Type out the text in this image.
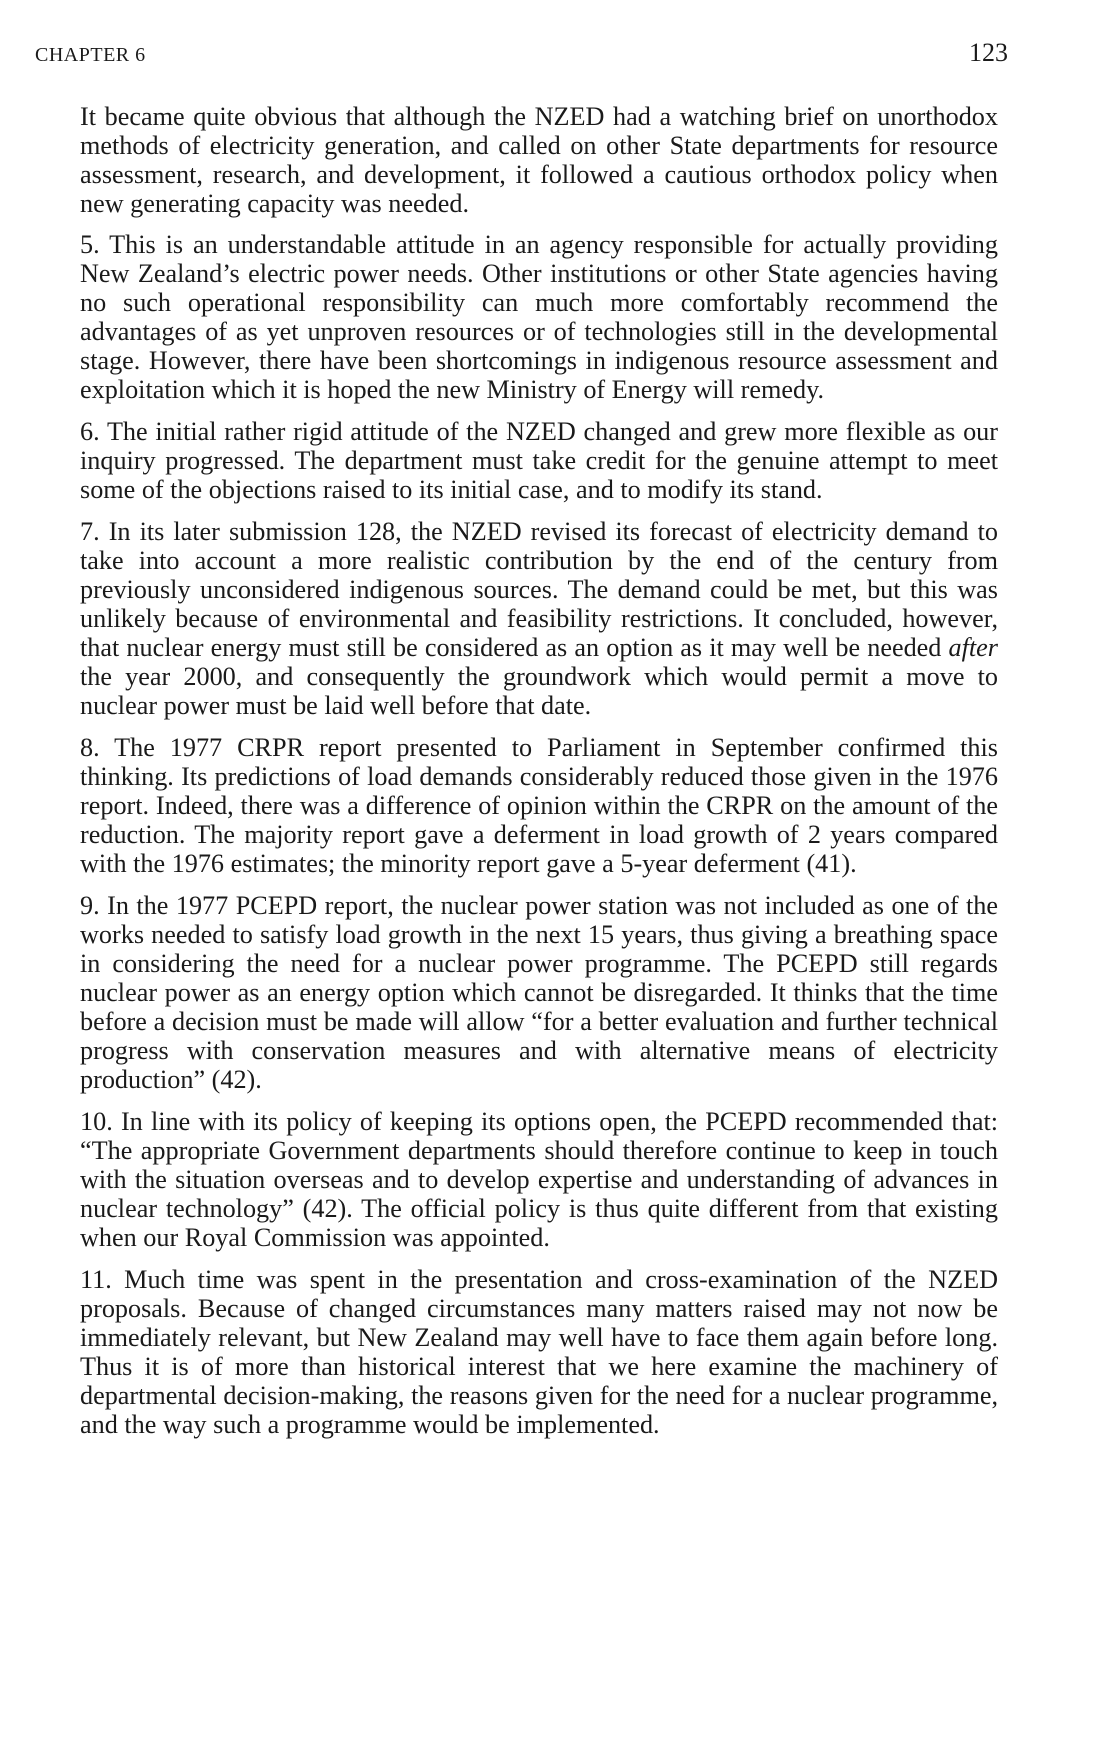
CHAPTER 6	123

It became quite obvious that although the NZED had a watching brief on unorthodox methods of electricity generation, and called on other State departments for resource assessment, research, and development, it followed a cautious orthodox policy when new generating capacity was needed.

5. This is an understandable attitude in an agency responsible for actually providing New Zealand’s electric power needs. Other institutions or other State agencies having no such operational responsibility can much more comfortably recommend the advantages of as yet unproven resources or of technologies still in the developmental stage. However, there have been shortcomings in indigenous resource assessment and exploitation which it is hoped the new Ministry of Energy will remedy.

6. The initial rather rigid attitude of the NZED changed and grew more flexible as our inquiry progressed. The department must take credit for the genuine attempt to meet some of the objections raised to its initial case, and to modify its stand.

7. In its later submission 128, the NZED revised its forecast of electricity demand to take into account a more realistic contribution by the end of the century from previously unconsidered indigenous sources. The demand could be met, but this was unlikely because of environmental and feasibility restrictions. It concluded, however, that nuclear energy must still be considered as an option as it may well be needed after the year 2000, and consequently the groundwork which would permit a move to nuclear power must be laid well before that date.

8. The 1977 CRPR report presented to Parliament in September confirmed this thinking. Its predictions of load demands considerably reduced those given in the 1976 report. Indeed, there was a difference of opinion within the CRPR on the amount of the reduction. The majority report gave a deferment in load growth of 2 years compared with the 1976 estimates; the minority report gave a 5-year deferment (41).

9. In the 1977 PCEPD report, the nuclear power station was not included as one of the works needed to satisfy load growth in the next 15 years, thus giving a breathing space in considering the need for a nuclear power programme. The PCEPD still regards nuclear power as an energy option which cannot be disregarded. It thinks that the time before a decision must be made will allow “for a better evaluation and further technical progress with conservation measures and with alternative means of electricity production” (42).

10. In line with its policy of keeping its options open, the PCEPD recommended that: “The appropriate Government departments should therefore continue to keep in touch with the situation overseas and to develop expertise and understanding of advances in nuclear technology” (42). The official policy is thus quite different from that existing when our Royal Commission was appointed.

11. Much time was spent in the presentation and cross-examination of the NZED proposals. Because of changed circumstances many matters raised may not now be immediately relevant, but New Zealand may well have to face them again before long. Thus it is of more than historical interest that we here examine the machinery of departmental decision-making, the reasons given for the need for a nuclear programme, and the way such a programme would be implemented.
